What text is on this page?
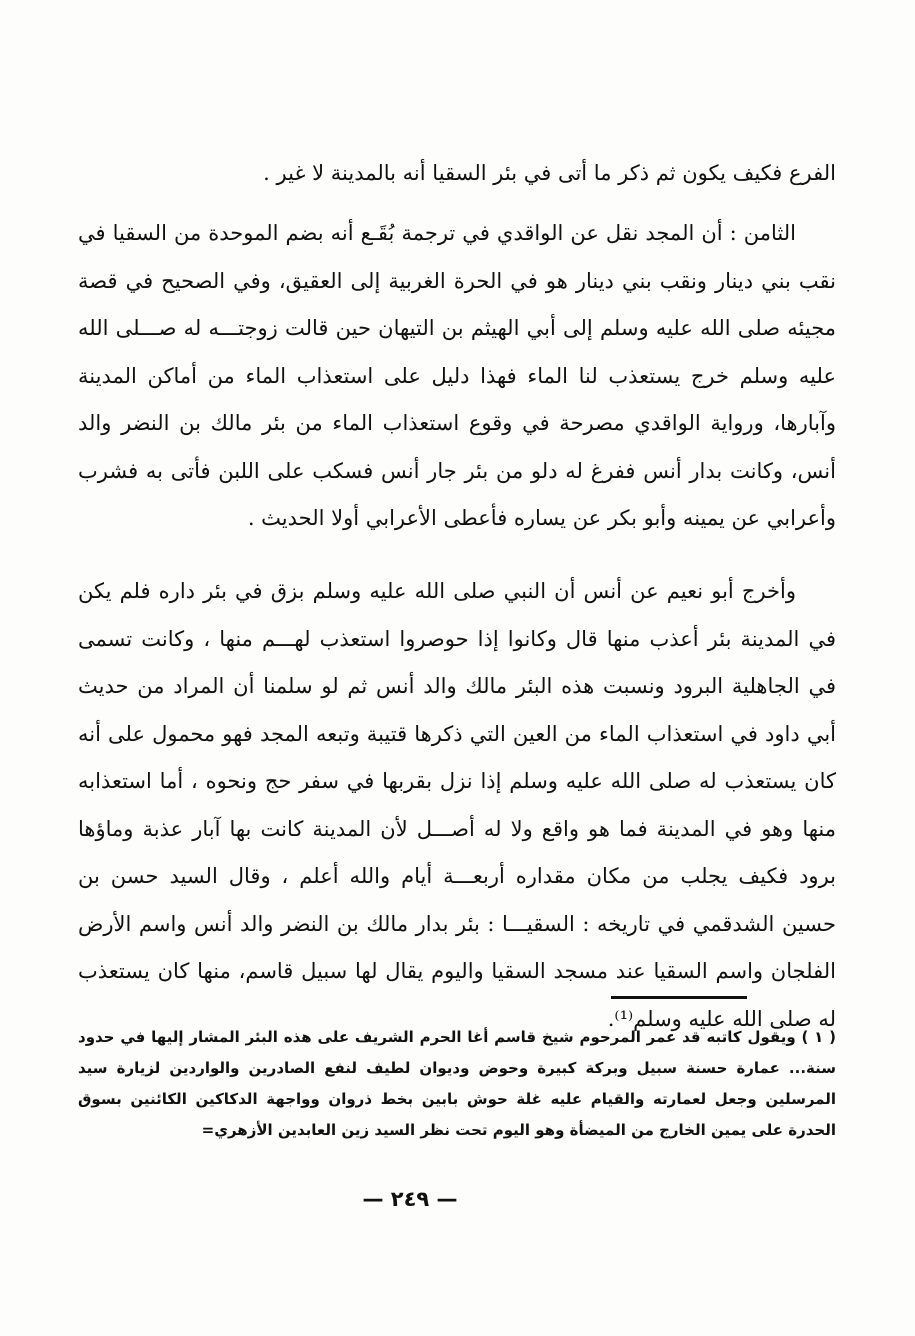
الفرع فكيف يكون ثم ذكر ما أتى في بئر السقيا أنه بالمدينة لا غير .

الثامن : أن المجد نقل عن الواقدي في ترجمة بُقَـع أنه بضم الموحدة من السقيا في نقب بني دينار ونقب بني دينار هو في الحرة الغربية إلى العقيق، وفي الصحيح في قصة مجيئه صلى الله عليه وسلم إلى أبي الهيثم بن التيهان حين قالت زوجتـــه له صـــلى الله عليه وسلم خرج يستعذب لنا الماء فهذا دليل على استعذاب الماء من أماكن المدينة وآبارها، ورواية الواقدي مصرحة في وقوع استعذاب الماء من بئر مالك بن النضر والد أنس، وكانت بدار أنس ففرغ له دلو من بئر جار أنس فسكب على اللبن فأتى به فشرب وأعرابي عن يمينه وأبو بكر عن يساره فأعطى الأعرابي أولا الحديث .

وأخرج أبو نعيم عن أنس أن النبي صلى الله عليه وسلم بزق في بئر داره فلم يكن في المدينة بئر أعذب منها قال وكانوا إذا حوصروا استعذب لهـــم منها ، وكانت تسمى في الجاهلية البرود ونسبت هذه البئر مالك والد أنس ثم لو سلمنا أن المراد من حديث أبي داود في استعذاب الماء من العين التي ذكرها قتيبة وتبعه المجد فهو محمول على أنه كان يستعذب له صلى الله عليه وسلم إذا نزل بقربها في سفر حج ونحوه ، أما استعذابه منها وهو في المدينة فما هو واقع ولا له أصـــل لأن المدينة كانت بها آبار عذبة وماؤها برود فكيف يجلب من مكان مقداره أربعـــة أيام والله أعلم ، وقال السيد حسن بن حسين الشدقمي في تاريخه : السقيـــا : بئر بدار مالك بن النضر والد أنس واسم الأرض الفلجان واسم السقيا عند مسجد السقيا واليوم يقال لها سبيل قاسم، منها كان يستعذب له صلى الله عليه وسلم⁽¹⁾.

( ١ ) ويقول كاتبه قد عمر المرحوم شيخ قاسم أغا الحرم الشريف على هذه البئر المشار إليها في حدود سنة... عمارة حسنة سبيل وبركة كبيرة وحوض وديوان لطيف لنفع الصادرين والواردين لزيارة سيد المرسلين وجعل لعمارته والقيام عليه غلة حوش بابين بخط ذروان وواجهة الدكاكين الكائنين بسوق الحدرة على يمين الخارج من الميضأة وهو اليوم تحت نظر السيد زين العابدين الأزهري=

— ٢٤٩ —
